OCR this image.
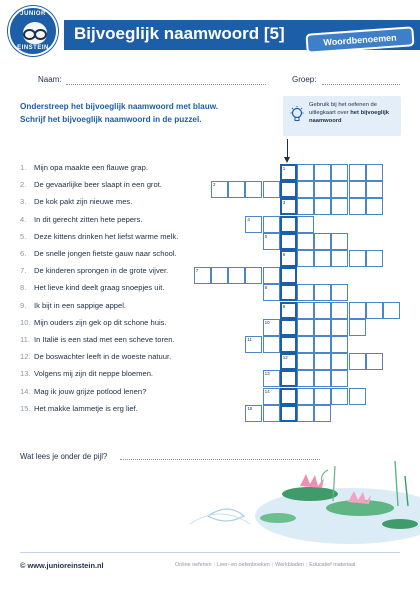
JUNIOR
EINSTEIN
Bijvoeglijk naamwoord [5]	Woordbenoemen
Naam:	Groep:
Onderstreep het bijvoeglijk naamwoord met blauw.
Schrijf het bijvoeglijk naamwoord in de puzzel.
Gebruik bij het oefenen de uitlegkaart over het bijvoeglijk naamwoord
1. Mijn opa maakte een flauwe grap.
2. De gevaarlijke beer slaapt in een grot.
3. De kok pakt zijn nieuwe mes.
4. In dit gerecht zitten hete pepers.
5. Deze kittens drinken het liefst warme melk.
6. De snelle jongen fietste gauw naar school.
7. De kinderen sprongen in de grote vijver.
8. Het lieve kind deelt graag snoepjes uit.
9. Ik bijt in een sappige appel.
10. Mijn ouders zijn gek op dit schone huis.
11. In Italië is een stad met een scheve toren.
12. De boswachter leeft in de woeste natuur.
13. Volgens mij zijn dit neppe bloemen.
14. Mag ik jouw grijze potlood lenen?
15. Het makke lammetje is erg lief.
1
2
3
4
5
6
7
8
9
10
11
12
13
14
15
Wat lees je onder de pijl?
© www.junioreinstein.nl	Online oefenen | Leer- en oefenboeken | Werkbladen | Educatief materiaal
